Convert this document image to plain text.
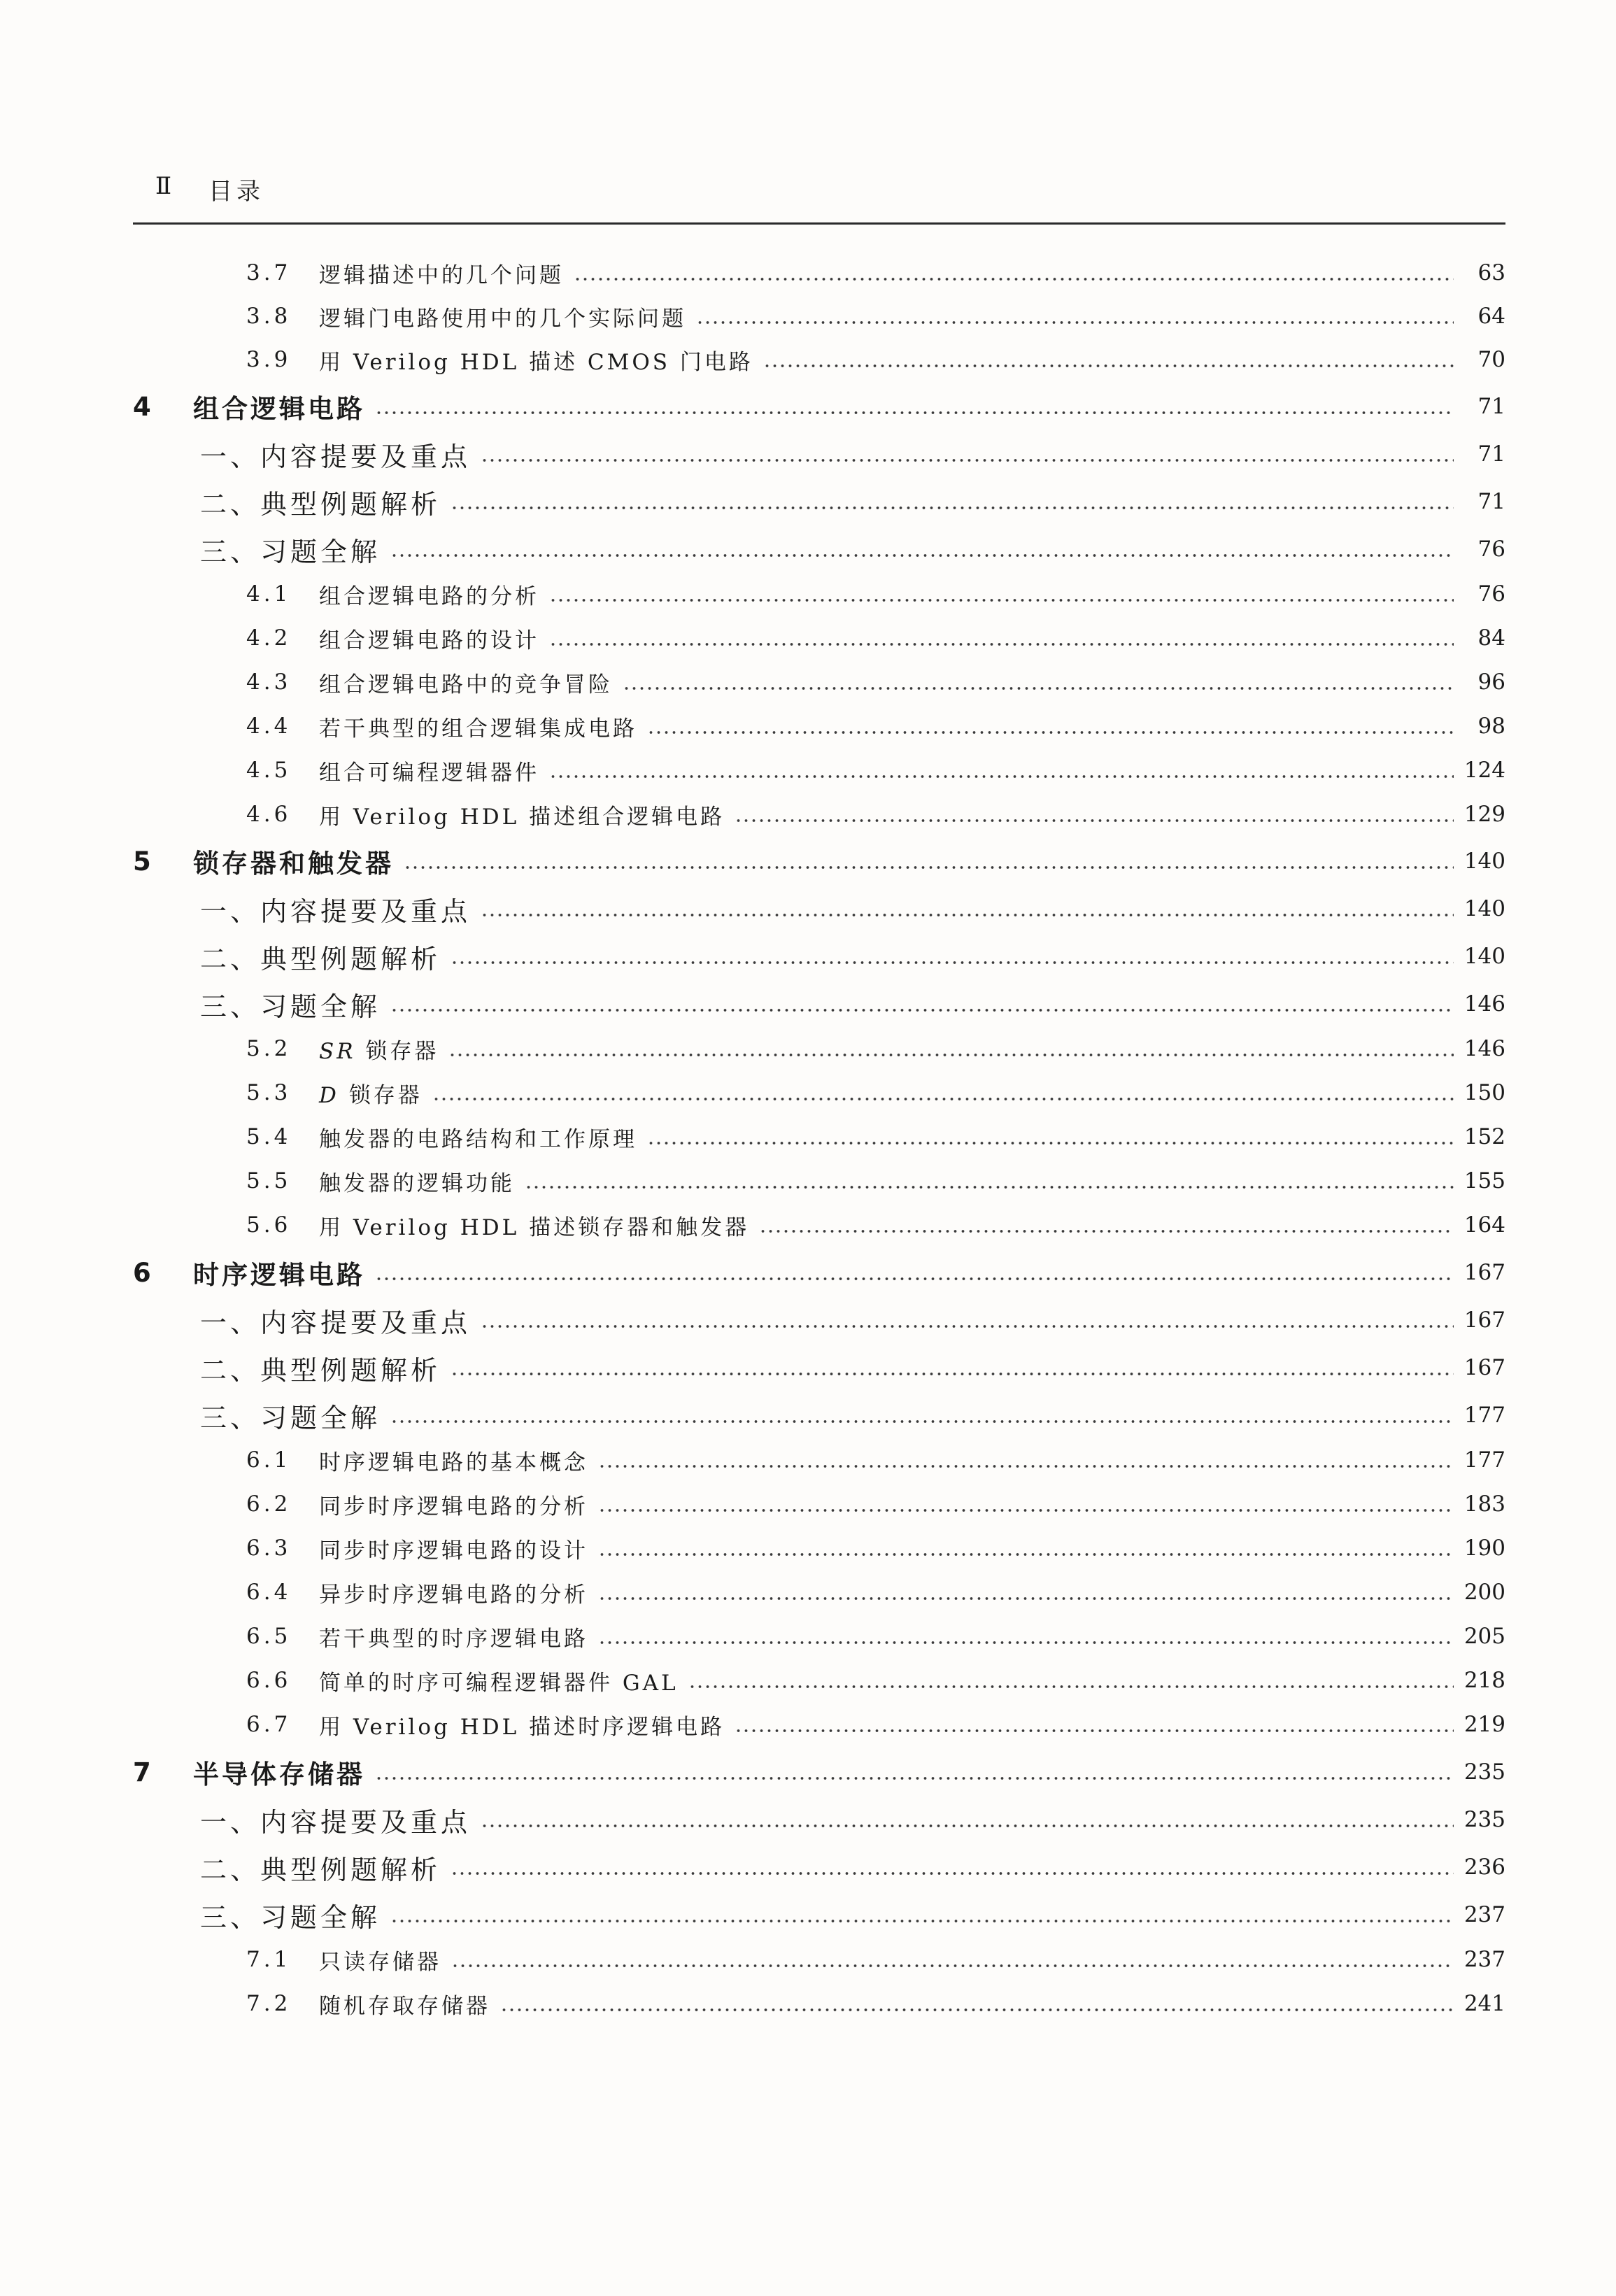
Ⅱ 目录
3.7	逻辑描述中的几个问题	63
3.8	逻辑门电路使用中的几个实际问题	64
3.9	用 Verilog HDL 描述 CMOS 门电路	70
4	组合逻辑电路	71
一、内容提要及重点	71
二、典型例题解析	71
三、习题全解	76
4.1	组合逻辑电路的分析	76
4.2	组合逻辑电路的设计	84
4.3	组合逻辑电路中的竞争冒险	96
4.4	若干典型的组合逻辑集成电路	98
4.5	组合可编程逻辑器件	124
4.6	用 Verilog HDL 描述组合逻辑电路	129
5	锁存器和触发器	140
一、内容提要及重点	140
二、典型例题解析	140
三、习题全解	146
5.2	SR 锁存器	146
5.3	D 锁存器	150
5.4	触发器的电路结构和工作原理	152
5.5	触发器的逻辑功能	155
5.6	用 Verilog HDL 描述锁存器和触发器	164
6	时序逻辑电路	167
一、内容提要及重点	167
二、典型例题解析	167
三、习题全解	177
6.1	时序逻辑电路的基本概念	177
6.2	同步时序逻辑电路的分析	183
6.3	同步时序逻辑电路的设计	190
6.4	异步时序逻辑电路的分析	200
6.5	若干典型的时序逻辑电路	205
6.6	简单的时序可编程逻辑器件 GAL	218
6.7	用 Verilog HDL 描述时序逻辑电路	219
7	半导体存储器	235
一、内容提要及重点	235
二、典型例题解析	236
三、习题全解	237
7.1	只读存储器	237
7.2	随机存取存储器	241
